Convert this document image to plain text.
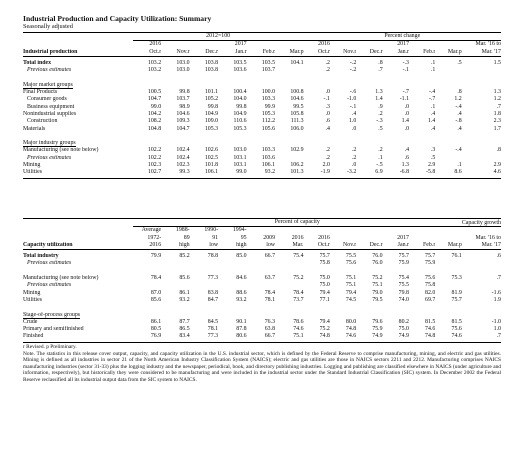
Industrial Production and Capacity Utilization: Summary
Seasonally adjusted
	2012=100						Percent change						
	2016			2017			2016			2017			Mar. '16 to
Industrial production	Oct.r	Nov.r	Dec.r	Jan.r	Feb.r	Mar.p	Oct.r	Nov.r	Dec.r	Jan.r	Feb.r	Mar.p	Mar. '17

Total index	103.2	103.0	103.8	103.5	103.5	104.1	.2	-.2	.8	-.3	.1	.5	1.5
Previous estimates	103.2	103.0	103.8	103.6	103.7		.2	-.2	.7	-.1	.1		

Major market groups													
Final Products	100.5	99.8	101.1	100.4	100.0	100.8	.0	-.6	1.3	-.7	-.4	.8	1.3
Consumer goods	104.7	103.7	105.2	104.0	103.3	104.6	-.1	-1.0	1.4	-1.1	-.7	1.2	1.2
Business equipment	99.0	98.9	99.8	99.8	99.9	99.5	.3	-.1	.9	.0	.1	-.4	.7
Nonindustrial supplies	104.2	104.6	104.9	104.9	105.3	105.8	.0	.4	.2	.0	.4	.4	1.8
Construction	108.2	109.3	109.0	110.6	112.2	111.3	.6	1.0	-.3	1.4	1.4	-.8	2.3
Materials	104.8	104.7	105.3	105.3	105.6	106.0	.4	.0	.5	.0	.4	.4	1.7

Major industry groups													
Manufacturing (see note below)	102.2	102.4	102.6	103.0	103.3	102.9	.2	.2	.2	.4	.3	-.4	.8
Previous estimates	102.2	102.4	102.5	103.1	103.6		.2	.2	.1	.6	.5		
Mining	102.3	102.3	101.8	103.1	106.1	106.2	2.0	.0	-.5	1.3	2.9	.1	2.9
Utilities	102.7	99.3	106.1	99.0	93.2	101.3	-1.9	-3.2	6.9	-6.8	-5.8	8.6	4.6
	Percent of capacity												Capacity growth
	Average	1988-	1990-	1994-									
	1972-	89	91	95	2009	2016	2016			2017			Mar. '16 to
Capacity utilization	2016	high	low	high	low	Mar.	Oct.r	Nov.r	Dec.r	Jan.r	Feb.r	Mar.p	Mar. '17

Total industry	79.9	85.2	78.8	85.0	66.7	75.4	75.7	75.5	76.0	75.7	75.7	76.1	.6
Previous estimates							75.8	75.6	76.0	75.9	75.9		

Manufacturing (see note below)	78.4	85.6	77.3	84.6	63.7	75.2	75.0	75.1	75.2	75.4	75.6	75.3	.7
Previous estimates							75.0	75.1	75.1	75.5	75.8		
Mining	87.0	86.1	83.8	88.6	78.4	78.4	79.4	79.4	79.0	79.8	82.0	81.9	-1.6
Utilities	85.6	93.2	84.7	93.2	78.1	73.7	77.1	74.5	79.5	74.0	69.7	75.7	1.9

Stage-of-process groups													
Crude	86.1	87.7	84.5	90.1	76.3	78.6	79.4	80.0	79.6	80.2	81.5	81.5	-1.0
Primary and semifinished	80.5	86.5	78.1	87.8	63.8	74.6	75.2	74.8	75.9	75.0	74.6	75.6	1.0
Finished	76.9	83.4	77.3	80.6	66.7	75.1	74.8	74.6	74.9	74.9	74.8	74.6	.7
r Revised. p Preliminary.
Note. The statistics in this release cover output, capacity, and capacity utilization in the U.S. industrial sector, which is defined by the Federal Reserve to comprise manufacturing, mining, and electric and gas utilities. Mining is defined as all industries in sector 21 of the North American Industry Classification System (NAICS); electric and gas utilities are those in NAICS sectors 2211 and 2212. Manufacturing comprises NAICS manufacturing industries (sector 31-33) plus the logging industry and the newspaper, periodical, book, and directory publishing industries. Logging and publishing are classified elsewhere in NAICS (under agriculture and information, respectively), but historically they were considered to be manufacturing and were included in the industrial sector under the Standard Industrial Classification (SIC) system. In December 2002 the Federal Reserve reclassified all its industrial output data from the SIC system to NAICS.
